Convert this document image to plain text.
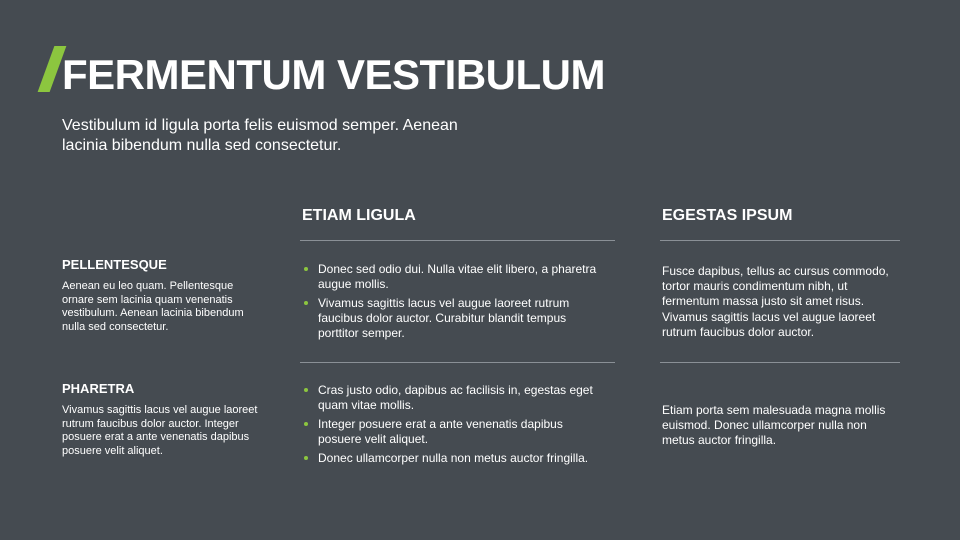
FERMENTUM VESTIBULUM

Vestibulum id ligula porta felis euismod semper. Aenean lacinia bibendum nulla sed consectetur.

PELLENTESQUE

Aenean eu leo quam. Pellentesque ornare sem lacinia quam venenatis vestibulum. Aenean lacinia bibendum nulla sed consectetur.

PHARETRA

Vivamus sagittis lacus vel augue laoreet rutrum faucibus dolor auctor. Integer posuere erat a ante venenatis dapibus posuere velit aliquet.

ETIAM LIGULA
Donec sed odio dui. Nulla vitae elit libero, a pharetra augue mollis.
Vivamus sagittis lacus vel augue laoreet rutrum faucibus dolor auctor. Curabitur blandit tempus porttitor semper.
Cras justo odio, dapibus ac facilisis in, egestas eget quam vitae mollis.
Integer posuere erat a ante venenatis dapibus posuere velit aliquet.
Donec ullamcorper nulla non metus auctor fringilla.
EGESTAS IPSUM

Fusce dapibus, tellus ac cursus commodo, tortor mauris condimentum nibh, ut fermentum massa justo sit amet risus. Vivamus sagittis lacus vel augue laoreet rutrum faucibus dolor auctor.

Etiam porta sem malesuada magna mollis euismod. Donec ullamcorper nulla non metus auctor fringilla.
